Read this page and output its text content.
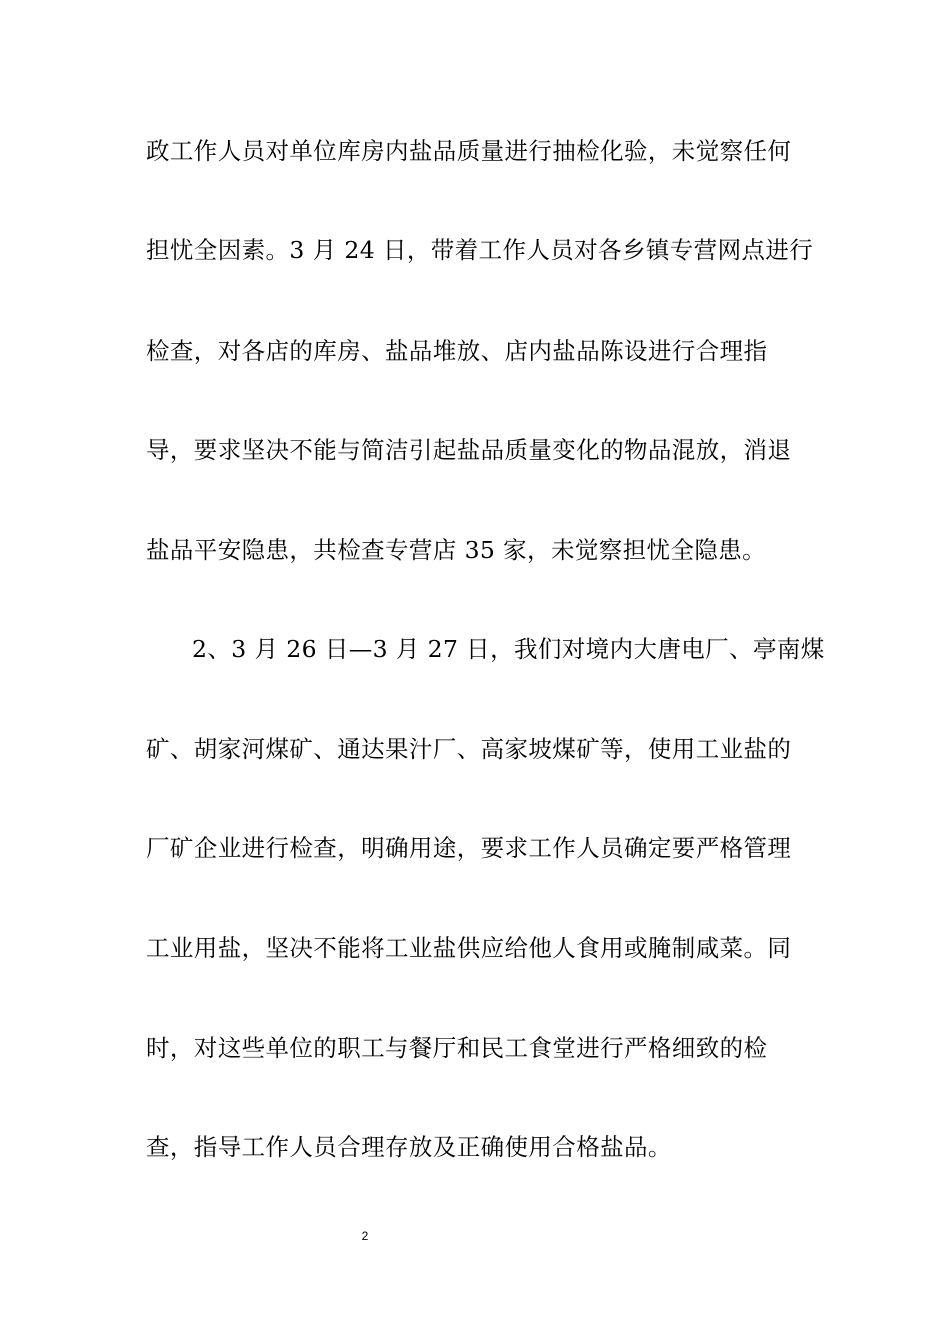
政工作人员对单位库房内盐品质量进行抽检化验，未觉察任何
担忧全因素。3 月 24 日，带着工作人员对各乡镇专营网点进行
检查，对各店的库房、盐品堆放、店内盐品陈设进行合理指
导，要求坚决不能与简洁引起盐品质量变化的物品混放，消退
盐品平安隐患，共检查专营店 35 家，未觉察担忧全隐患。
2、3 月 26 日—3 月 27 日，我们对境内大唐电厂、亭南煤
矿、胡家河煤矿、通达果汁厂、高家坡煤矿等，使用工业盐的
厂矿企业进行检查，明确用途，要求工作人员确定要严格管理
工业用盐，坚决不能将工业盐供应给他人食用或腌制咸菜。同
时，对这些单位的职工与餐厅和民工食堂进行严格细致的检
查，指导工作人员合理存放及正确使用合格盐品。
2
